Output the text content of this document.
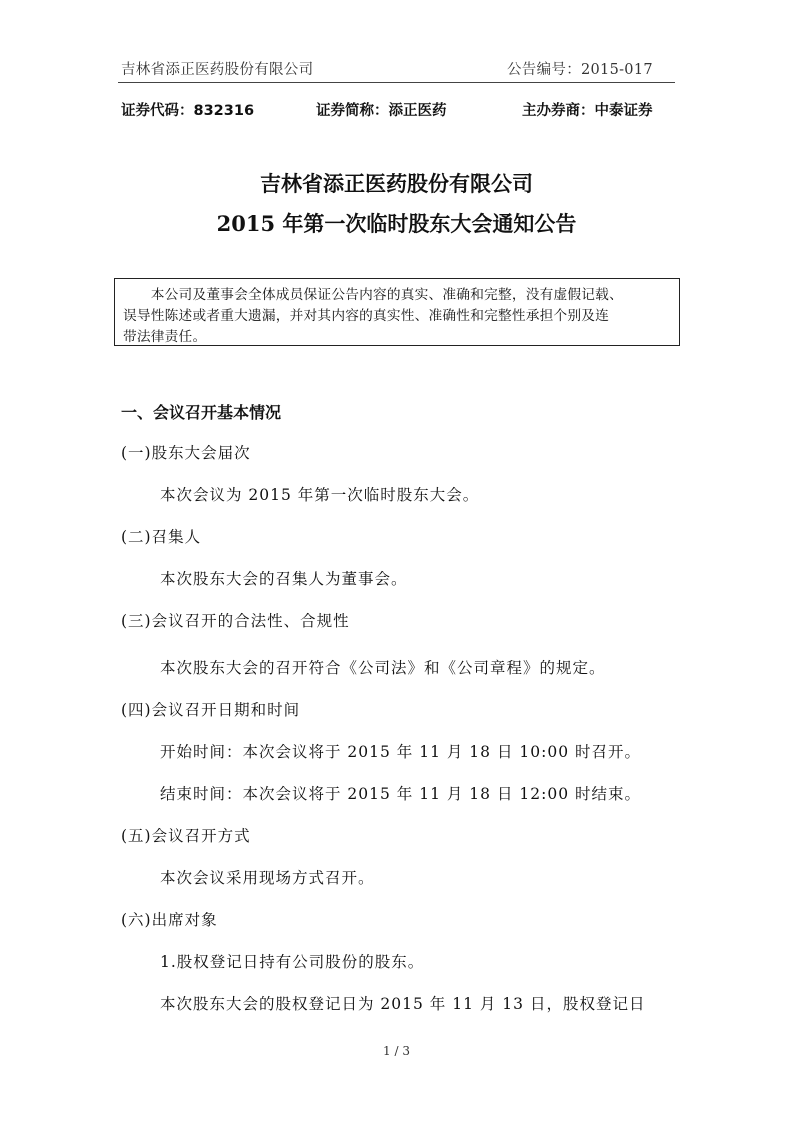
吉林省添正医药股份有限公司	公告编号：2015-017
证券代码：832316	证券简称：添正医药	主办券商：中泰证券
吉林省添正医药股份有限公司
2015 年第一次临时股东大会通知公告
　　本公司及董事会全体成员保证公告内容的真实、准确和完整，没有虚假记载、
误导性陈述或者重大遗漏，并对其内容的真实性、准确性和完整性承担个别及连
带法律责任。
一、会议召开基本情况
(一)股东大会届次
本次会议为 2015 年第一次临时股东大会。
(二)召集人
本次股东大会的召集人为董事会。
(三)会议召开的合法性、合规性
本次股东大会的召开符合《公司法》和《公司章程》的规定。
(四)会议召开日期和时间
开始时间：本次会议将于 2015 年 11 月 18 日 10:00 时召开。
结束时间：本次会议将于 2015 年 11 月 18 日 12:00 时结束。
(五)会议召开方式
本次会议采用现场方式召开。
(六)出席对象
1.股权登记日持有公司股份的股东。
本次股东大会的股权登记日为 2015 年 11 月 13 日，股权登记日
1 / 3
